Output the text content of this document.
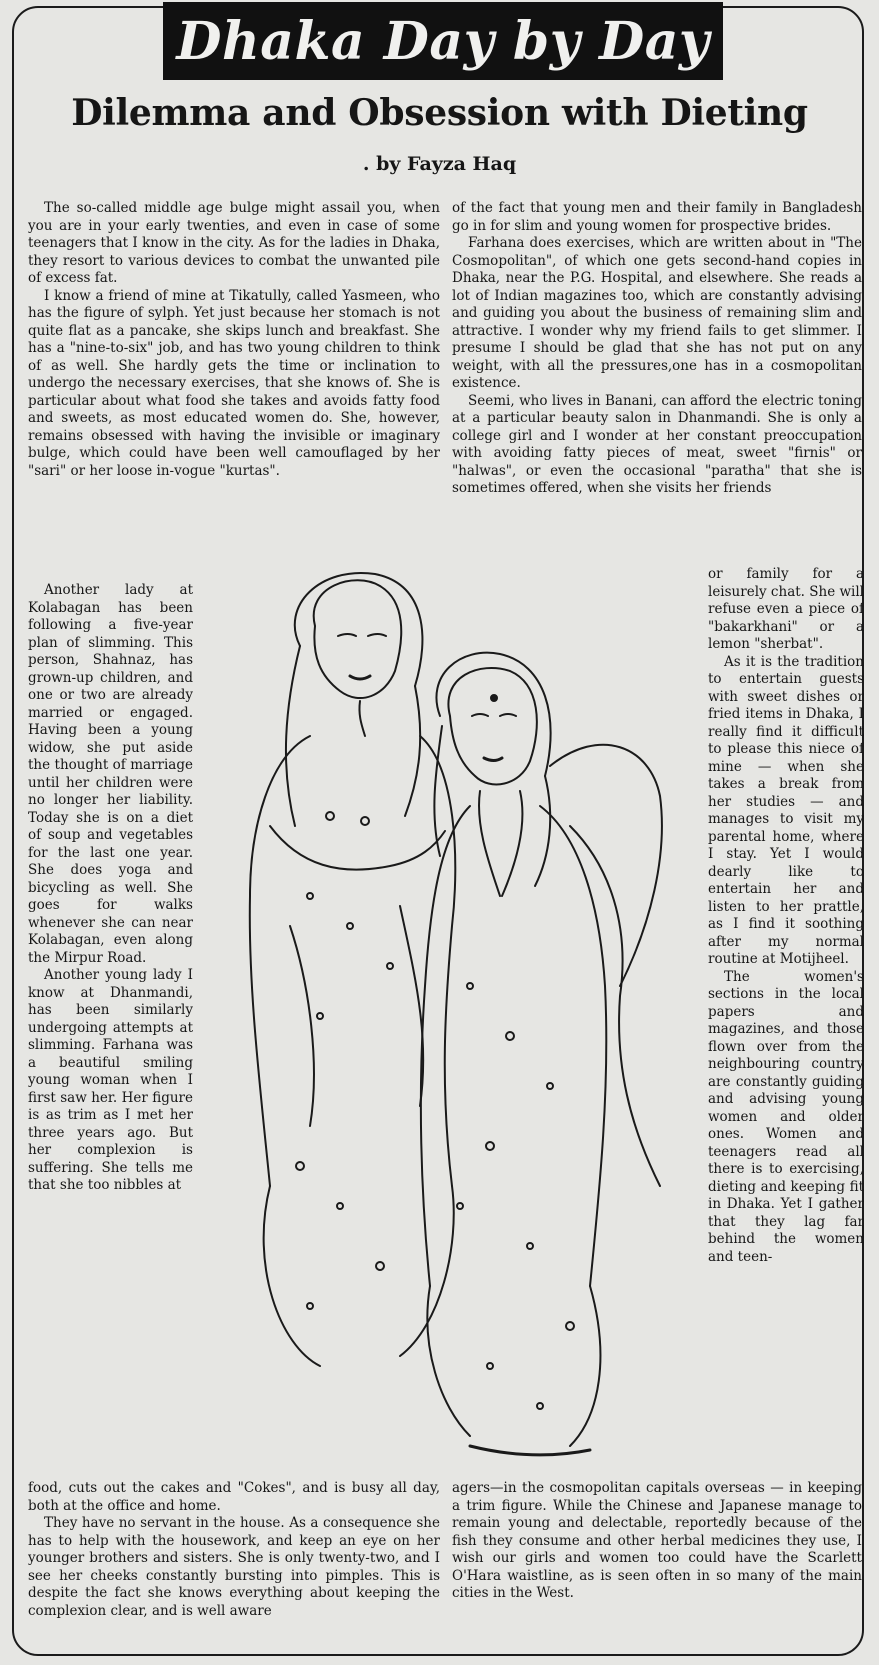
Dhaka Day by Day
Dilemma and Obsession with Dieting
. by Fayza Haq

The so-called middle age bulge might assail you, when you are in your early twenties, and even in case of some teenagers that I know in the city. As for the ladies in Dhaka, they resort to various devices to combat the unwanted pile of excess fat.

I know a friend of mine at Tikatully, called Yasmeen, who has the figure of sylph. Yet just because her stomach is not quite flat as a pancake, she skips lunch and breakfast. She has a "nine-to-six" job, and has two young children to think of as well. She hardly gets the time or inclination to undergo the necessary exercises, that she knows of. She is particular about what food she takes and avoids fatty food and sweets, as most educated women do. She, however, remains obsessed with having the invisible or imaginary bulge, which could have been well camouflaged by her "sari" or her loose in-vogue "kurtas".

of the fact that young men and their family in Bangladesh go in for slim and young women for prospective brides.

Farhana does exercises, which are written about in "The Cosmopolitan", of which one gets second-hand copies in Dhaka, near the P.G. Hospital, and elsewhere. She reads a lot of Indian magazines too, which are constantly advising and guiding you about the business of remaining slim and attractive. I wonder why my friend fails to get slimmer. I presume I should be glad that she has not put on any weight, with all the pressures,one has in a cosmopolitan existence.

Seemi, who lives in Banani, can afford the electric toning at a particular beauty salon in Dhanmandi. She is only a college girl and I wonder at her constant preoccupation with avoiding fatty pieces of meat, sweet "firnis" or "halwas", or even the occasional "paratha" that she is sometimes offered, when she visits her friends

Another lady at Kolabagan has been following a five-year plan of slimming. This person, Shahnaz, has grown-up children, and one or two are already married or engaged. Having been a young widow, she put aside the thought of marriage until her children were no longer her liability. Today she is on a diet of soup and vegetables for the last one year. She does yoga and bicycling as well. She goes for walks whenever she can near Kolabagan, even along the Mirpur Road.

Another young lady I know at Dhanmandi, has been similarly undergoing attempts at slimming. Farhana was a beautiful smiling young woman when I first saw her. Her figure is as trim as I met her three years ago. But her complexion is suffering. She tells me that she too nibbles at

or family for a leisurely chat. She will refuse even a piece of "bakarkhani" or a lemon "sherbat".

As it is the tradition to entertain guests with sweet dishes or fried items in Dhaka, I really find it difficult to please this niece of mine — when she takes a break from her studies — and manages to visit my parental home, where I stay. Yet I would dearly like to entertain her and listen to her prattle, as I find it soothing after my normal routine at Motijheel.

The women's sections in the local papers and magazines, and those flown over from the neighbouring country are constantly guiding and advising young women and older ones. Women and teenagers read all there is to exercising, dieting and keeping fit in Dhaka. Yet I gather that they lag far behind the women and teen-

food, cuts out the cakes and "Cokes", and is busy all day, both at the office and home.

They have no servant in the house. As a consequence she has to help with the housework, and keep an eye on her younger brothers and sisters. She is only twenty-two, and I see her cheeks constantly bursting into pimples. This is despite the fact she knows everything about keeping the complexion clear, and is well aware

agers—in the cosmopolitan capitals overseas — in keeping a trim figure. While the Chinese and Japanese manage to remain young and delectable, reportedly because of the fish they consume and other herbal medicines they use, I wish our girls and women too could have the Scarlett O'Hara waistline, as is seen often in so many of the main cities in the West.
